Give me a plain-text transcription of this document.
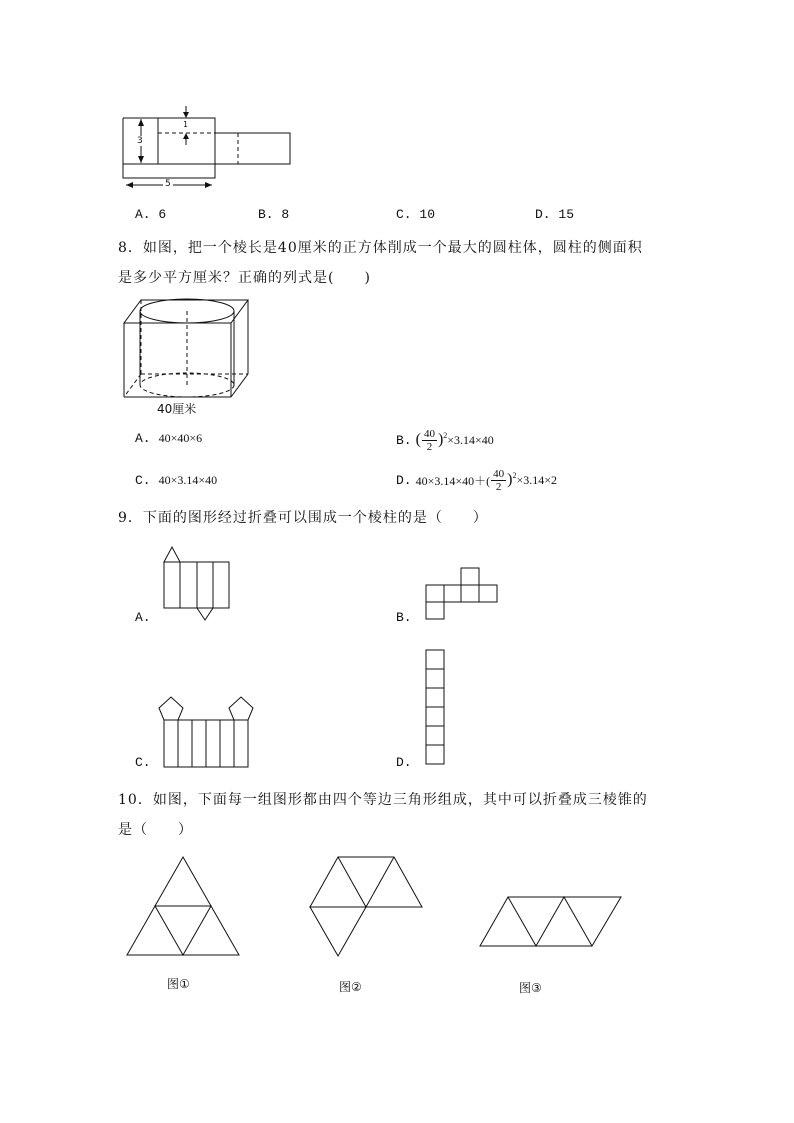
1
3
5
A. 6	B. 8	C. 10	D. 15
8．如图，把一个棱长是40厘米的正方体削成一个最大的圆柱体，圆柱的侧面积
是多少平方厘米？正确的列式是(　　)
40厘米
A. 40×40×6	B. ( $\frac{40}{2}$ ) 2 ×3.14×40
C. 40×3.14×40	D. $40\times 3.14\times 40+( \frac{40}{2}$ ) 2 ×3.14×2
9．下面的图形经过折叠可以围成一个棱柱的是（　　）
A.	B.
C.	D.
10．如图，下面每一组图形都由四个等边三角形组成，其中可以折叠成三棱锥的
是（　　）
图①	图②	图③
